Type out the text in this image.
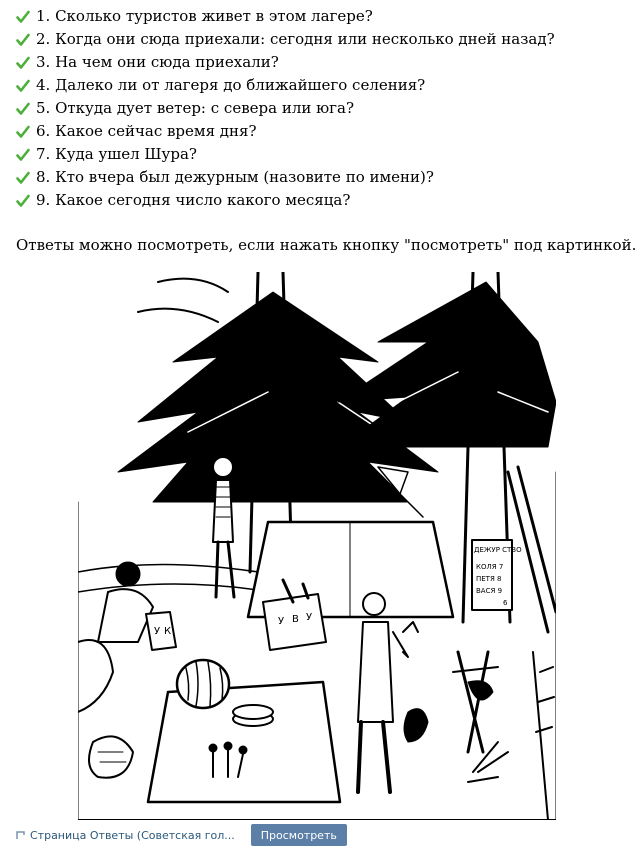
1. Сколько туристов живет в этом лагере?
2. Когда они сюда приехали: сегодня или несколько дней назад?
3. На чем они сюда приехали?
4. Далеко ли от лагеря до ближайшего селения?
5. Откуда дует ветер: с севера или юга?
6. Какое сейчас время дня?
7. Куда ушел Шура?
8. Кто вчера был дежурным (назовите по имени)?
9. Какое сегодня число какого месяца?
Ответы можно посмотреть, если нажать кнопку "посмотреть" под картинкой.
ДЕЖУР СТВО
КОЛЯ 7
ПЕТЯ 8
ВАСЯ 9
6
У К
У В У
Страница Ответы (Советская гол...	Просмотреть
